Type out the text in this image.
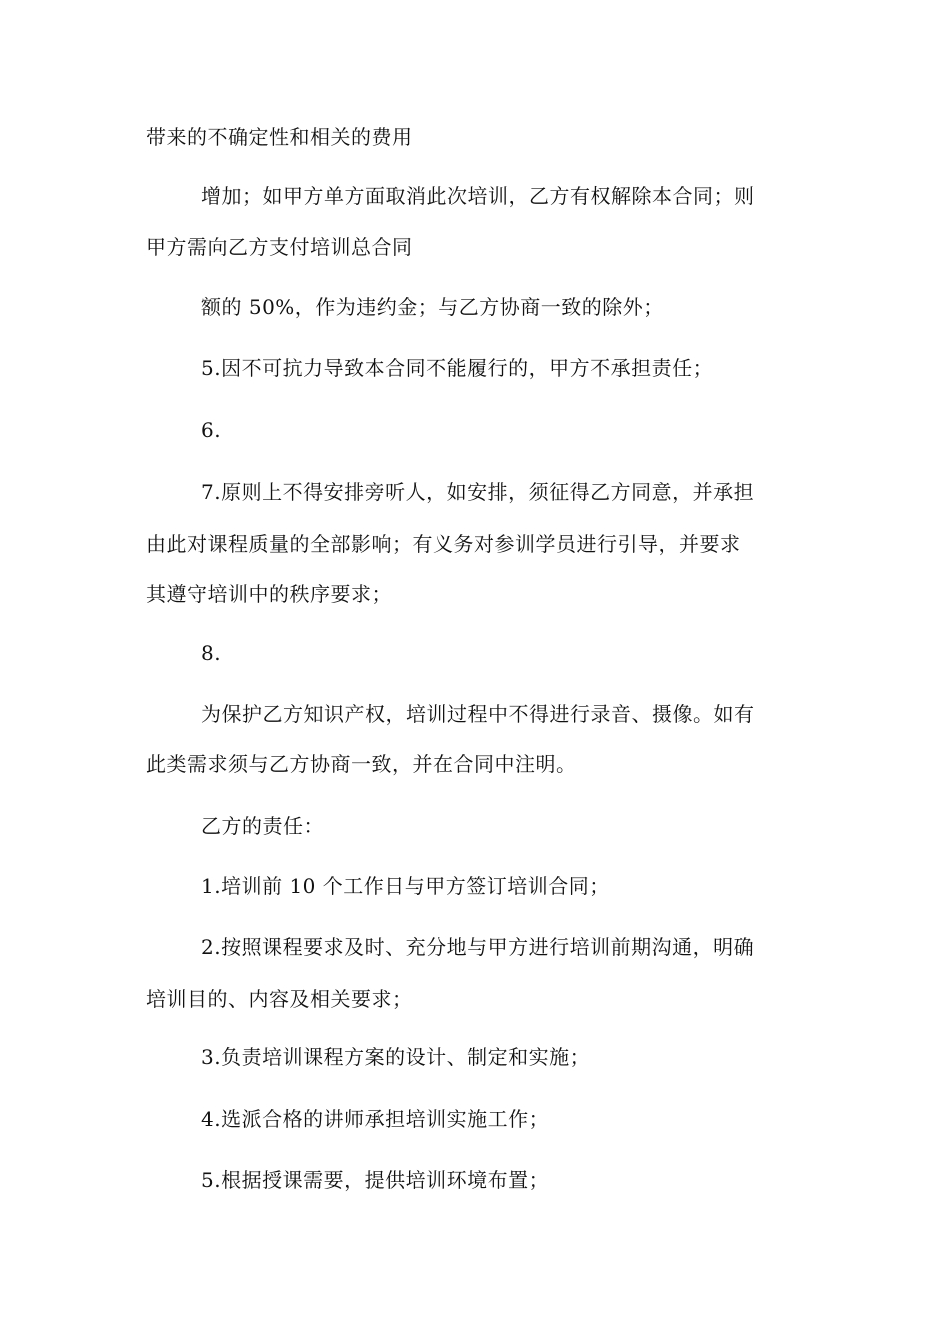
带来的不确定性和相关的费用
增加；如甲方单方面取消此次培训，乙方有权解除本合同；则
甲方需向乙方支付培训总合同
额的 50%，作为违约金；与乙方协商一致的除外；
5.因不可抗力导致本合同不能履行的，甲方不承担责任；
6.
7.原则上不得安排旁听人，如安排，须征得乙方同意，并承担
由此对课程质量的全部影响；有义务对参训学员进行引导，并要求
其遵守培训中的秩序要求；
8.
为保护乙方知识产权，培训过程中不得进行录音、摄像。如有
此类需求须与乙方协商一致，并在合同中注明。
乙方的责任：
1.培训前 10 个工作日与甲方签订培训合同；
2.按照课程要求及时、充分地与甲方进行培训前期沟通，明确
培训目的、内容及相关要求；
3.负责培训课程方案的设计、制定和实施；
4.选派合格的讲师承担培训实施工作；
5.根据授课需要，提供培训环境布置；
